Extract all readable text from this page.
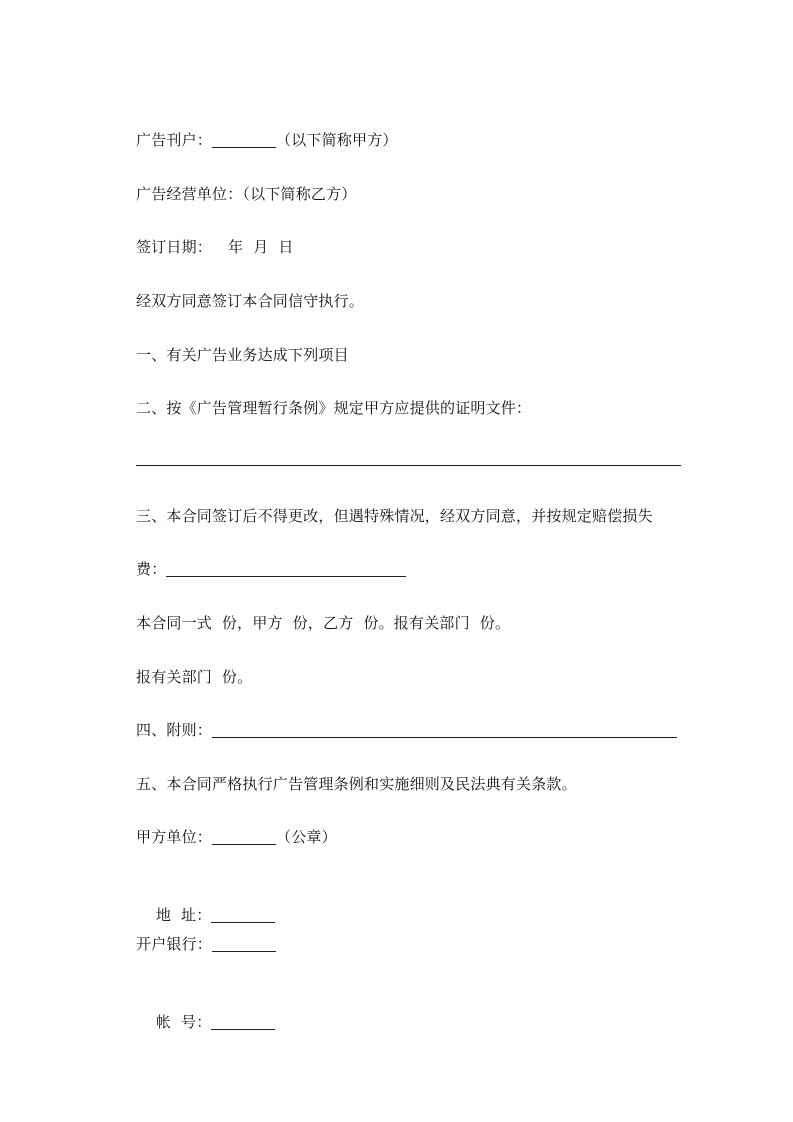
广告刊户：	（以下简称甲方）
广告经营单位：（以下简称乙方）
签订日期： 年 月 日
经双方同意签订本合同信守执行。
一、有关广告业务达成下列项目
二、按《广告管理暂行条例》规定甲方应提供的证明文件：
三、本合同签订后不得更改，但遇特殊情况，经双方同意，并按规定赔偿损失
费：
本合同一式  份，甲方  份，乙方  份。报有关部门  份。
报有关部门  份。
四、附则：
五、本合同严格执行广告管理条例和实施细则及民法典有关条款。
甲方单位：	（公章）

地  址：

开户银行：

帐  号：
